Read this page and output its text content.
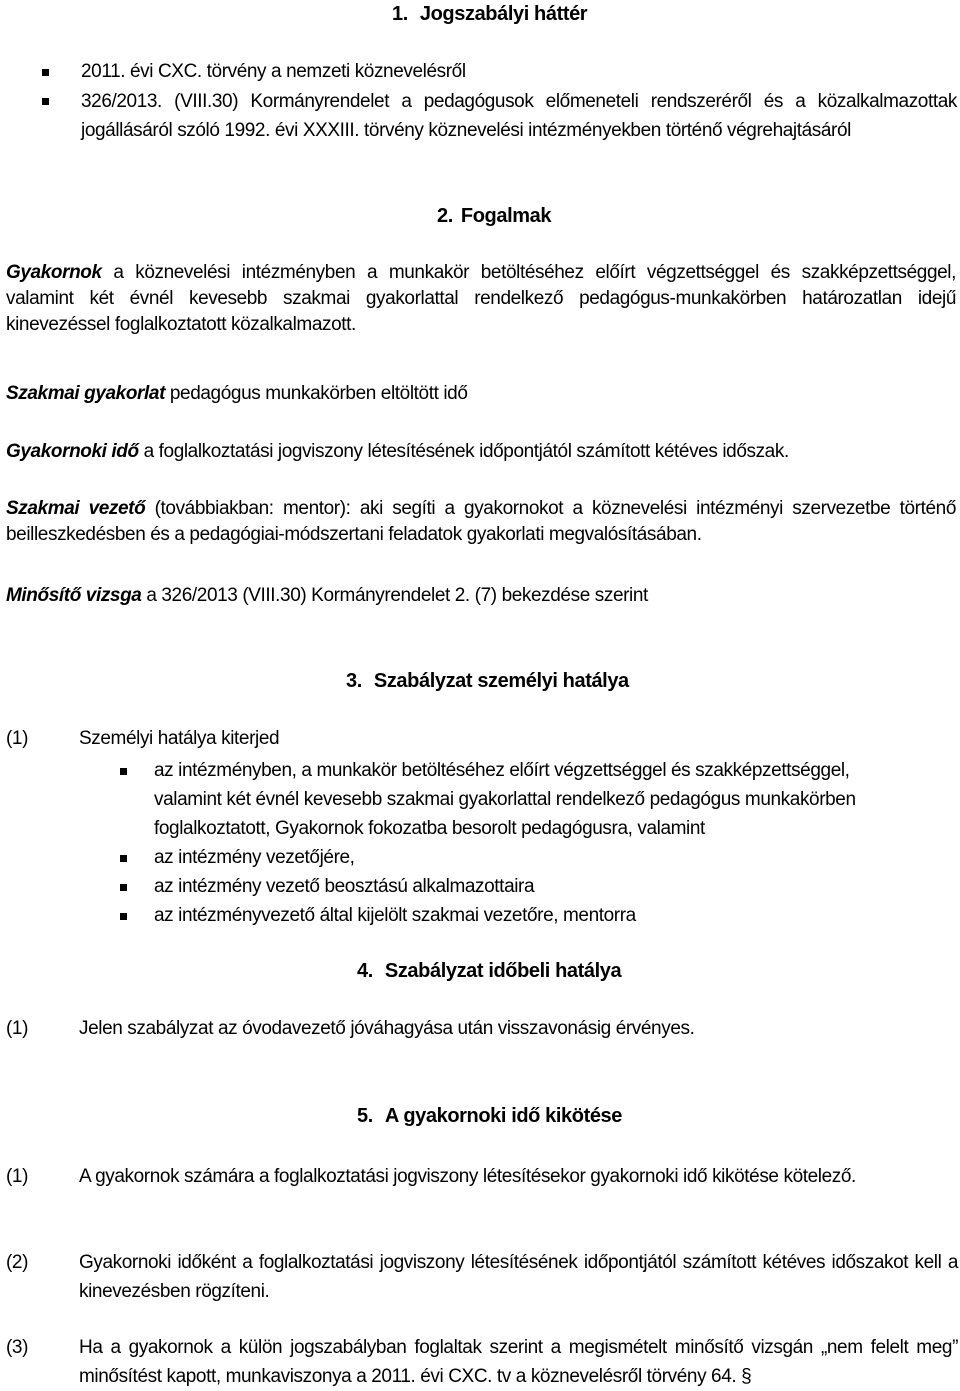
1. Jogszabályi háttér
2011. évi CXC. törvény a nemzeti köznevelésről
326/2013. (VIII.30) Kormányrendelet a pedagógusok előmeneteli rendszeréről és a közalkalmazottak jogállásáról szóló 1992. évi XXXIII. törvény köznevelési intézményekben történő végrehajtásáról
2. Fogalmak
Gyakornok a köznevelési intézményben a munkakör betöltéséhez előírt végzettséggel és szakképzettséggel, valamint két évnél kevesebb szakmai gyakorlattal rendelkező pedagógus-munkakörben határozatlan idejű kinevezéssel foglalkoztatott közalkalmazott.
Szakmai gyakorlat pedagógus munkakörben eltöltött idő
Gyakornoki idő a foglalkoztatási jogviszony létesítésének időpontjától számított kétéves időszak.
Szakmai vezető (továbbiakban: mentor): aki segíti a gyakornokot a köznevelési intézményi szervezetbe történő beilleszkedésben és a pedagógiai-módszertani feladatok gyakorlati megvalósításában.
Minősítő vizsga a 326/2013 (VIII.30) Kormányrendelet 2. (7) bekezdése szerint
3. Szabályzat személyi hatálya
(1)	Személyi hatálya kiterjed
az intézményben, a munkakör betöltéséhez előírt végzettséggel és szakképzettséggel,
valamint két évnél kevesebb szakmai gyakorlattal rendelkező pedagógus munkakörben
foglalkoztatott, Gyakornok fokozatba besorolt pedagógusra, valamint
az intézmény vezetőjére,
az intézmény vezető beosztású alkalmazottaira
az intézményvezető által kijelölt szakmai vezetőre, mentorra
4. Szabályzat időbeli hatálya
(1)	Jelen szabályzat az óvodavezető jóváhagyása után visszavonásig érvényes.
5. A gyakornoki idő kikötése
(1)	A gyakornok számára a foglalkoztatási jogviszony létesítésekor gyakornoki idő kikötése kötelező.
(2)	Gyakornoki időként a foglalkoztatási jogviszony létesítésének időpontjától számított kétéves időszakot kell a kinevezésben rögzíteni.
(3)	Ha a gyakornok a külön jogszabályban foglaltak szerint a megismételt minősítő vizsgán „nem felelt meg” minősítést kapott, munkaviszonya a 2011. évi CXC. tv a köznevelésről törvény 64. §
